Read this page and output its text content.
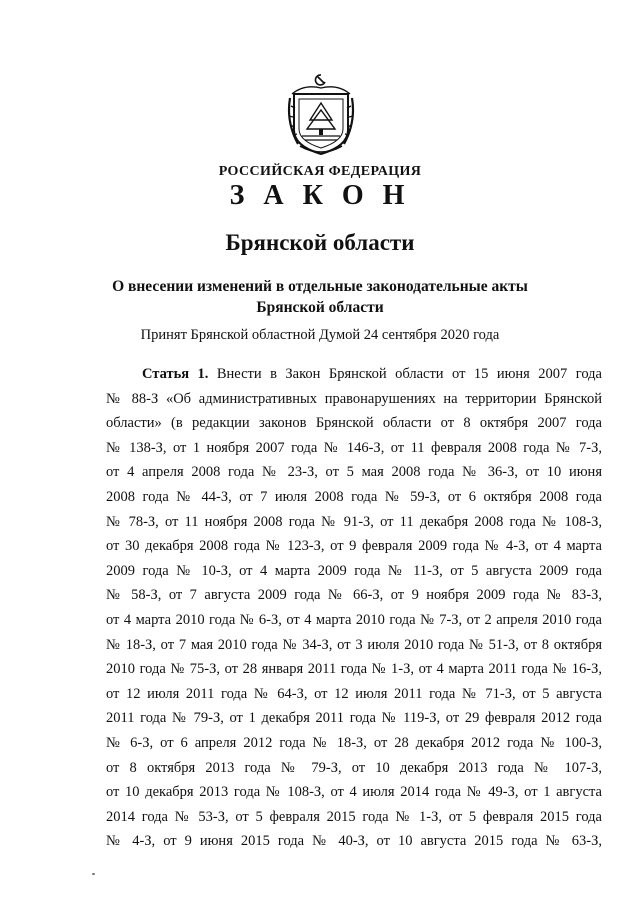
РОССИЙСКАЯ ФЕДЕРАЦИЯ
З А К О Н
Брянской области
О внесении изменений в отдельные законодательные акты
Брянской области
Принят Брянской областной Думой 24 сентября 2020 года
Статья 1. Внести в Закон Брянской области от 15 июня 2007 года
№ 88-З «Об административных правонарушениях на территории Брянской
области» (в редакции законов Брянской области от 8 октября 2007 года
№ 138-З, от 1 ноября 2007 года № 146-З, от 11 февраля 2008 года № 7-З,
от 4 апреля 2008 года № 23-З, от 5 мая 2008 года № 36-З, от 10 июня
2008 года № 44-З, от 7 июля 2008 года № 59-З, от 6 октября 2008 года
№ 78-З, от 11 ноября 2008 года № 91-З, от 11 декабря 2008 года № 108-З,
от 30 декабря 2008 года № 123-З, от 9 февраля 2009 года № 4-З, от 4 марта
2009 года № 10-З, от 4 марта 2009 года № 11-З, от 5 августа 2009 года
№ 58-З, от 7 августа 2009 года № 66-З, от 9 ноября 2009 года № 83-З,
от 4 марта 2010 года № 6-З, от 4 марта 2010 года № 7-З, от 2 апреля 2010 года
№ 18-З, от 7 мая 2010 года № 34-З, от 3 июля 2010 года № 51-З, от 8 октября
2010 года № 75-З, от 28 января 2011 года № 1-З, от 4 марта 2011 года № 16-З,
от 12 июля 2011 года № 64-З, от 12 июля 2011 года № 71-З, от 5 августа
2011 года № 79-З, от 1 декабря 2011 года № 119-З, от 29 февраля 2012 года
№ 6-З, от 6 апреля 2012 года № 18-З, от 28 декабря 2012 года № 100-З,
от 8 октября 2013 года № 79-З, от 10 декабря 2013 года № 107-З,
от 10 декабря 2013 года № 108-З, от 4 июля 2014 года № 49-З, от 1 августа
2014 года № 53-З, от 5 февраля 2015 года № 1-З, от 5 февраля 2015 года
№ 4-З, от 9 июня 2015 года № 40-З, от 10 августа 2015 года № 63-З,
